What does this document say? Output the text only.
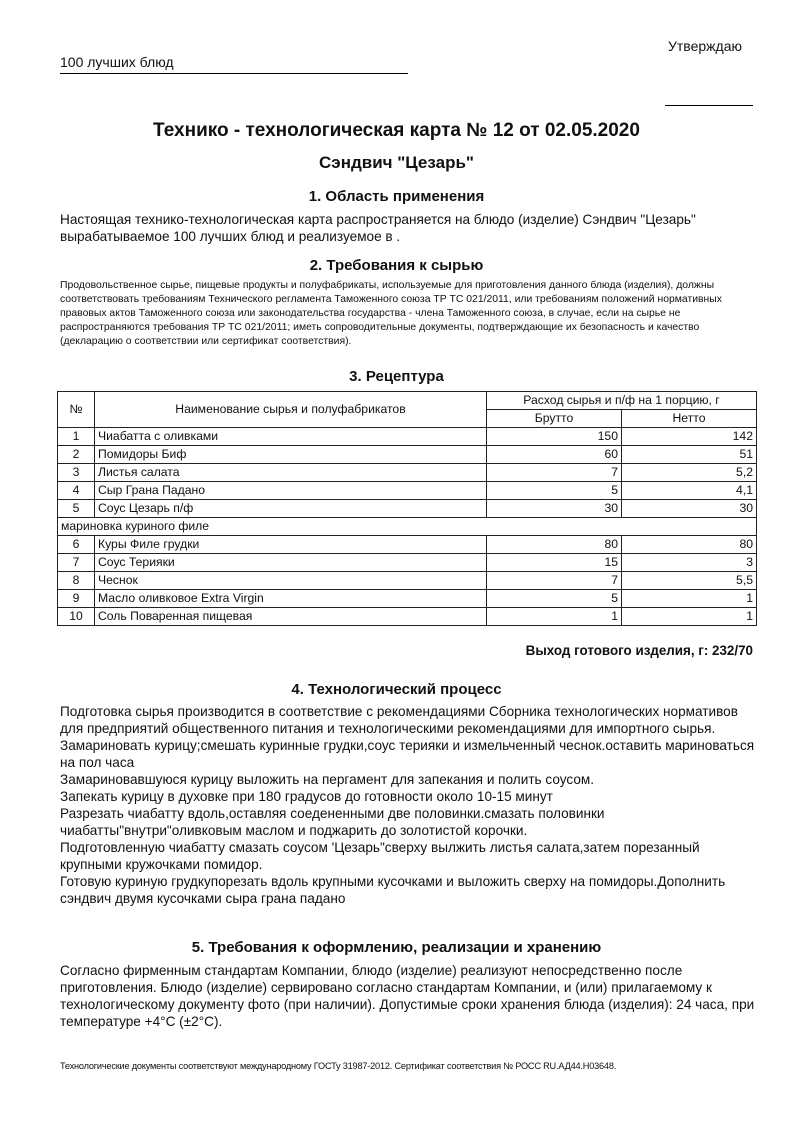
100 лучших блюд
Утверждаю
Технико - технологическая карта № 12 от 02.05.2020
Сэндвич "Цезарь"
1. Область применения
Настоящая технико-технологическая карта распространяется на блюдо (изделие) Сэндвич "Цезарь" вырабатываемое 100 лучших блюд и реализуемое в .
2. Требования к сырью
Продовольственное сырье, пищевые продукты и полуфабрикаты, используемые для приготовления данного блюда (изделия), должны соответствовать требованиям Технического регламента Таможенного союза ТР ТС 021/2011, или требованиям положений нормативных правовых актов Таможенного союза или законодательства государства - члена Таможенного союза, в случае, если на сырье не распространяются требования ТР ТС 021/2011; иметь сопроводительные документы, подтверждающие их безопасность и качество (декларацию о соответствии или сертификат соответствия).
3. Рецептура
№	Наименование сырья и полуфабрикатов	Расход сырья и п/ф на 1 порцию, г	
		Брутто	Нетто
1	Чиабатта с оливками	150	142
2	Помидоры Биф	60	51
3	Листья салата	7	5,2
4	Сыр Грана Падано	5	4,1
5	Соус Цезарь п/ф	30	30
мариновка куриного филе			
6	Куры Филе грудки	80	80
7	Соус Терияки	15	3
8	Чеснок	7	5,5
9	Масло оливковое Extra Virgin	5	1
10	Соль Поваренная пищевая	1	1
Выход готового изделия, г: 232/70
4. Технологический процесс
Подготовка сырья производится в соответствие с рекомендациями Сборника технологических нормативов для предприятий общественного питания и технологическими рекомендациями для импортного сырья.
Замариновать курицу;смешать куринные грудки,соус терияки и измельченный чеснок.оставить мариноваться на пол часа
Замариновавшуюся курицу выложить на пергамент для запекания и полить соусом.
Запекать курицу в духовке при 180 градусов до готовности около 10-15 минут
Разрезать чиабатту вдоль,оставляя соедененными две половинки.смазать половинки чиабатты"внутри"оливковым маслом и поджарить до золотистой корочки.
Подготовленную чиабатту смазать соусом 'Цезарь"сверху вылжить листья салата,затем порезанный крупными кружочками помидор.
Готовую куриную грудкупорезать вдоль крупными кусочками и выложить сверху на помидоры.Дополнить сэндвич двумя кусочками сыра грана падано
5. Требования к оформлению, реализации и хранению
Согласно фирменным стандартам Компании, блюдо (изделие) реализуют непосредственно после приготовления. Блюдо (изделие) сервировано согласно стандартам Компании, и (или) прилагаемому к технологическому документу фото (при наличии). Допустимые сроки хранения блюда (изделия): 24 часа, при температуре +4°С (±2°С).
Технологические документы соответствуют международному ГОСТу 31987-2012. Сертификат соответствия № РОСС RU.АД44.Н03648.
